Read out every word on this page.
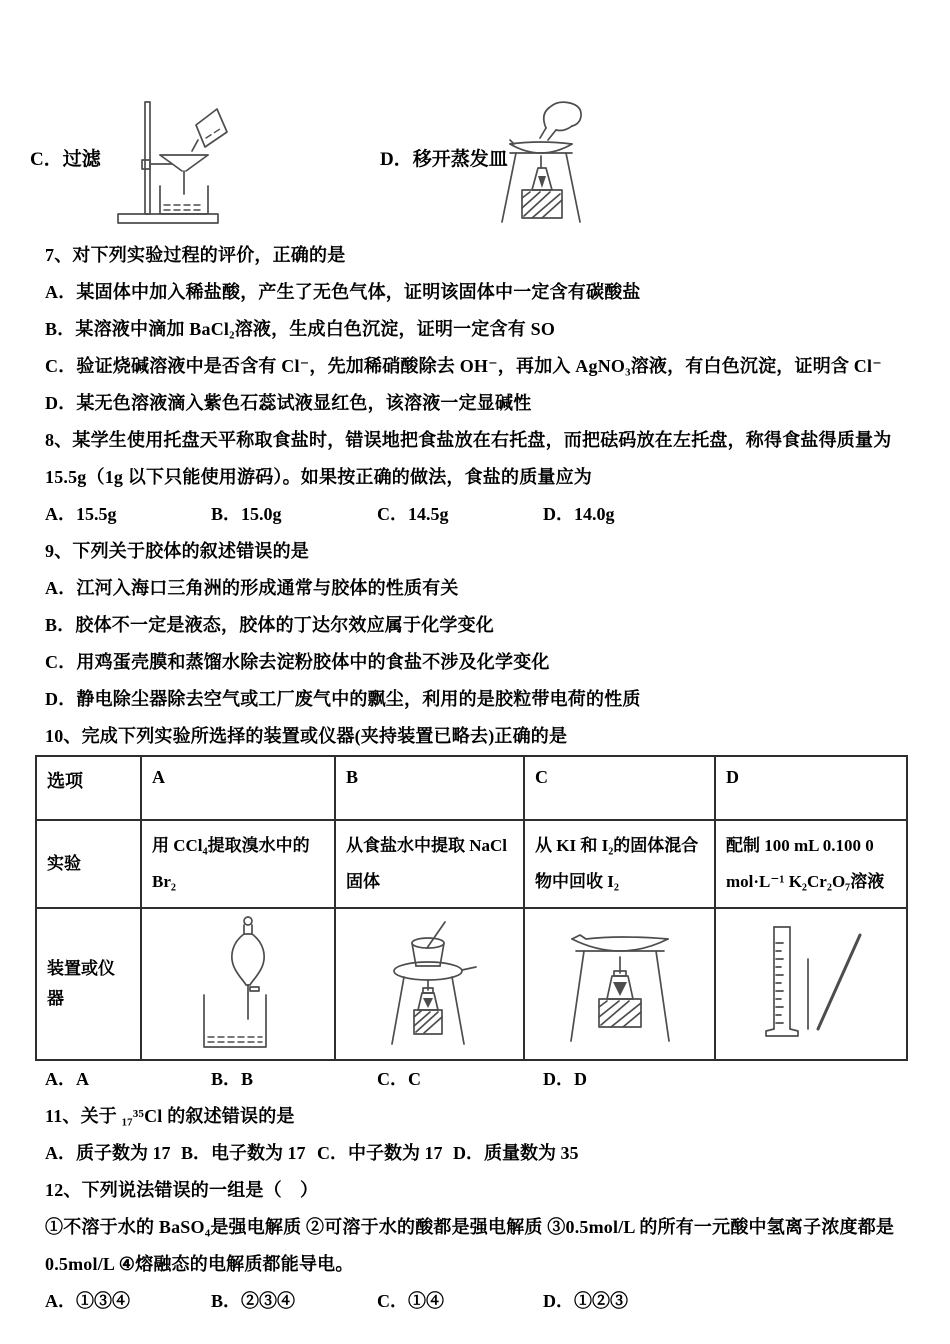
C．过滤	D．移开蒸发皿

7、对下列实验过程的评价，正确的是

A．某固体中加入稀盐酸，产生了无色气体，证明该固体中一定含有碳酸盐

B．某溶液中滴加 BaCl₂溶液，生成白色沉淀，证明一定含有 SO

C．验证烧碱溶液中是否含有 Cl⁻，先加稀硝酸除去 OH⁻，再加入 AgNO₃溶液，有白色沉淀，证明含 Cl⁻

D．某无色溶液滴入紫色石蕊试液显红色，该溶液一定显碱性

8、某学生使用托盘天平称取食盐时，错误地把食盐放在右托盘，而把砝码放在左托盘，称得食盐得质量为 15.5g（1g 以下只能使用游码）。如果按正确的做法，食盐的质量应为

A．15.5g	B．15.0g	C．14.5g	D．14.0g

9、下列关于胶体的叙述错误的是

A．江河入海口三角洲的形成通常与胶体的性质有关

B．胶体不一定是液态，胶体的丁达尔效应属于化学变化

C．用鸡蛋壳膜和蒸馏水除去淀粉胶体中的食盐不涉及化学变化

D．静电除尘器除去空气或工厂废气中的飘尘，利用的是胶粒带电荷的性质

10、完成下列实验所选择的装置或仪器(夹持装置已略去)正确的是

选项	A	B	C	D
实验	用 CCl₄提取溴水中的 Br₂	从食盐水中提取 NaCl 固体	从 KI 和 I₂的固体混合物中回收 I₂	配制 100 mL 0.100 0 mol·L⁻¹ K₂Cr₂O₇溶液
装置或仪器				
A．A	B．B	C．C	D．D

11、关于 ₁₇³⁵Cl 的叙述错误的是

A．质子数为 17 B．电子数为 17 C．中子数为 17 D．质量数为 35

12、下列说法错误的一组是（　）

①不溶于水的 BaSO₄是强电解质 ②可溶于水的酸都是强电解质 ③0.5mol/L 的所有一元酸中氢离子浓度都是 0.5mol/L ④熔融态的电解质都能导电。

A．①③④	B．②③④	C．①④	D．①②③
